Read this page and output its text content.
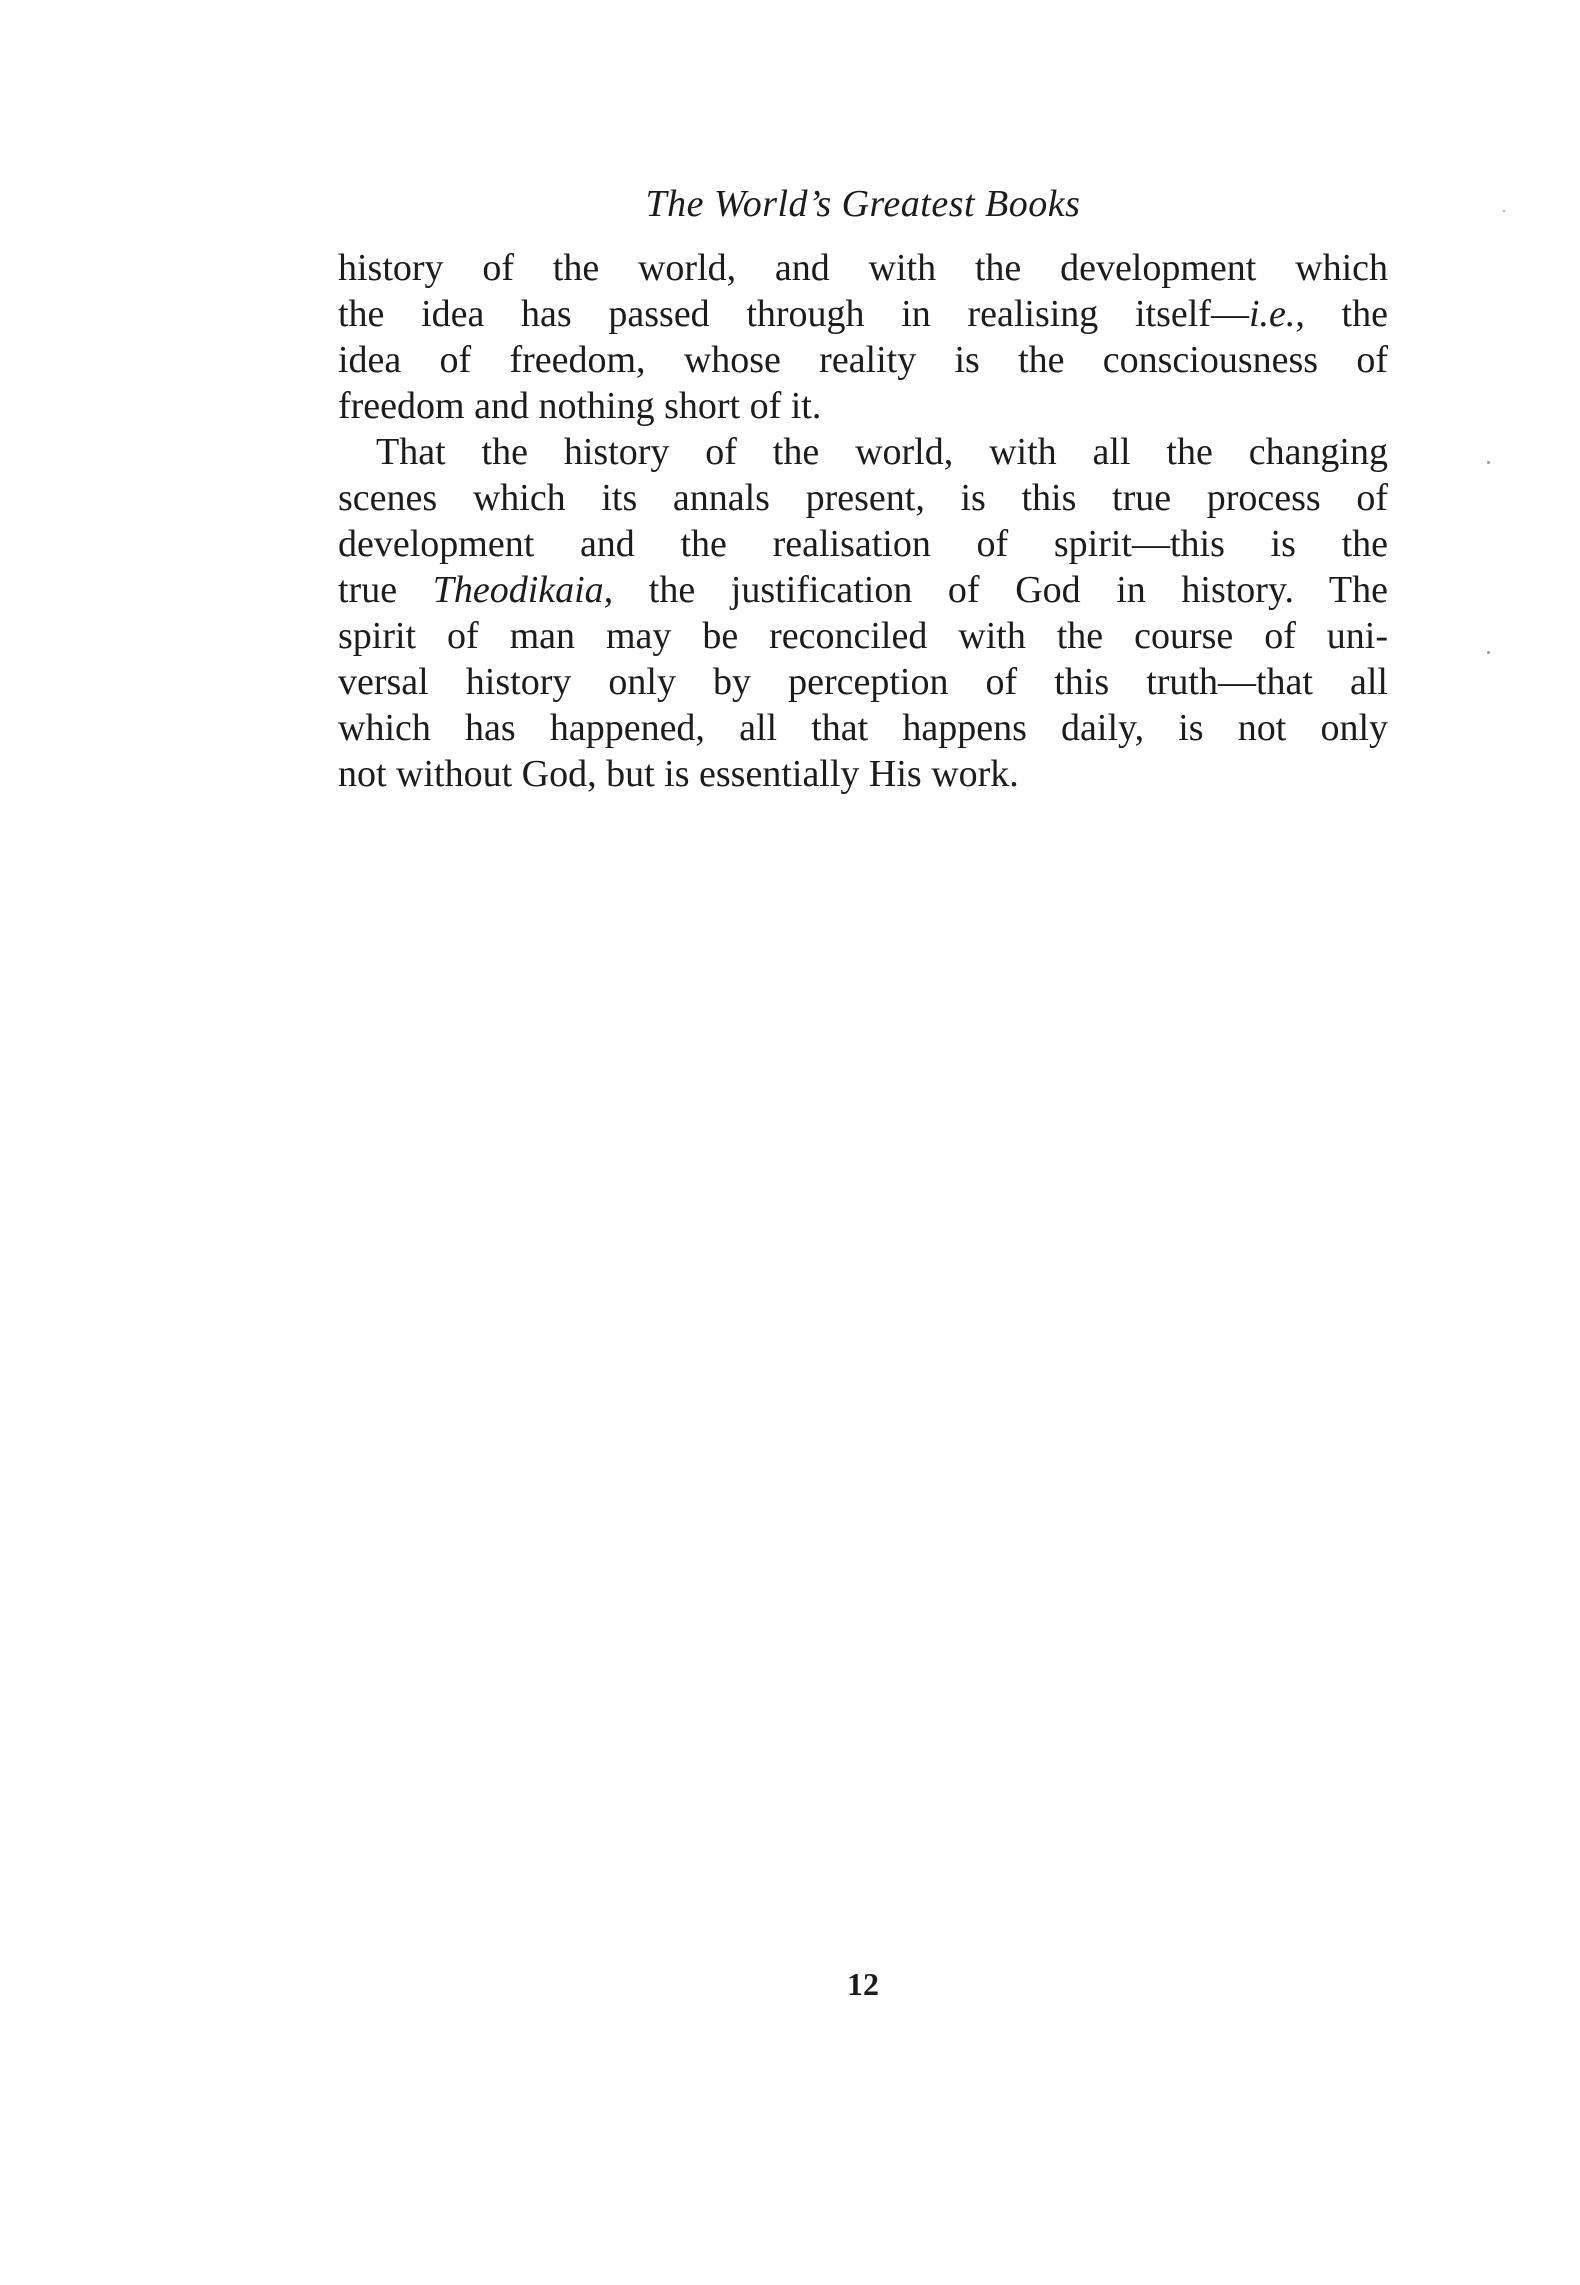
The World’s Greatest Books
history of the world, and with the development which
the idea has passed through in realising itself—i.e., the
idea of freedom, whose reality is the consciousness of
freedom and nothing short of it.
That the history of the world, with all the changing
scenes which its annals present, is this true process of
development and the realisation of spirit—this is the
true Theodikaia, the justification of God in history. The
spirit of man may be reconciled with the course of uni-
versal history only by perception of this truth—that all
which has happened, all that happens daily, is not only
not without God, but is essentially His work.
12
